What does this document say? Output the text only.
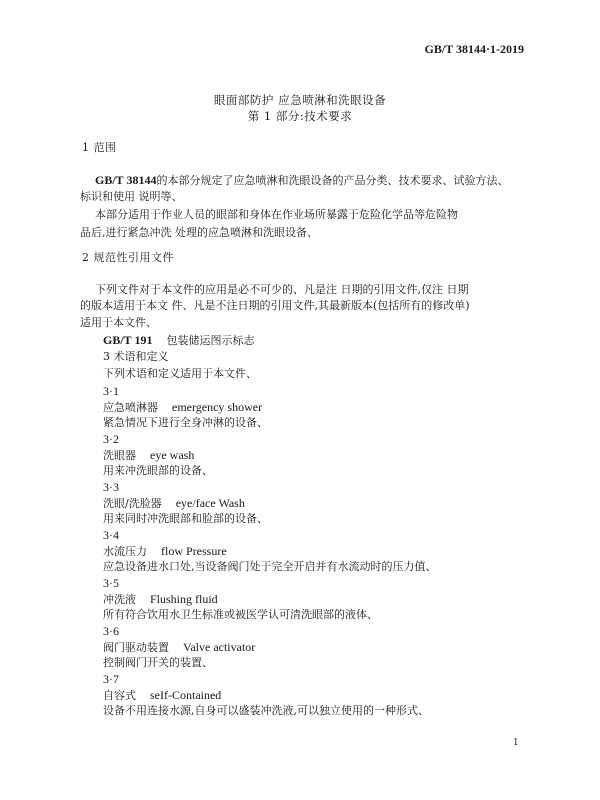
GB/T 38144·1-2019
眼面部防护 应急喷淋和洗眼设备
第 1 部分:技术要求
1 范围
GB/T 38144的本部分规定了应急喷淋和洗眼设备的产品分类、技术要求、试验方法、
标识和使用 说明等、
本部分适用于作业人员的眼部和身体在作业场所暴露于危险化学品等危险物
品后,进行紧急冲洗 处理的应急喷淋和洗眼设备、
2 规范性引用文件
下列文件对于本文件的应用是必不可少的、凡是注 日期的引用文件,仅注 日期
的版本适用于本文 件、凡是不注日期的引用文件,其最新版本(包括所有的修改单)
适用于本文件、
GB/T 191 包装储运图示标志
3 术语和定义
下列术语和定义适用于本文件、
3·1
应急喷淋器 emergency shower
紧急情况下进行全身冲淋的设备、
3·2
洗眼器 eye wash
用来冲洗眼部的设备、
3·3
洗眼/洗脸器 eye/face Wash
用来同时冲洗眼部和脸部的设备、
3·4
水流压力 flow Pressure
应急设备进水口处,当设备阀门处于完全开启并有水流动时的压力值、
3·5
冲洗液 Flushing fluid
所有符合饮用水卫生标准或被医学认可清洗眼部的液体、
3·6
阀门驱动装置 Valve activator
控制阀门开关的装置、
3·7
自容式 seIf-Contained
设备不用连接水源,自身可以盛装冲洗液,可以独立使用的一种形式、
1
